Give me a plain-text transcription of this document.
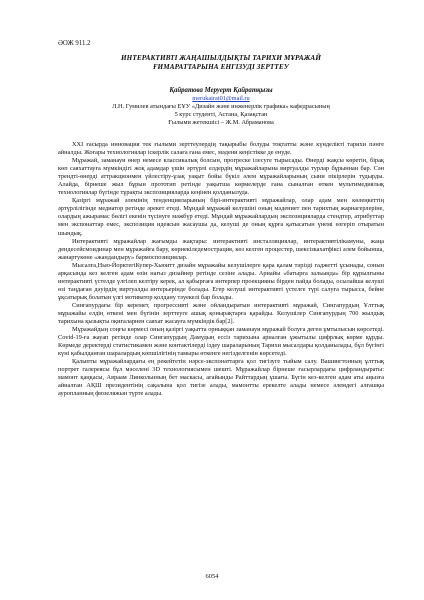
ӘОЖ 911.2
ИНТЕРАКТИВТІ ЖАҢАШЫЛДЫҚТЫ ТАРИХИ МҰРАЖАЙ
ҒИМАРАТТАРЫНА ЕНГІЗУДІ ЗЕРТТЕУ
Қайратова Меруерт Қайратқызы
merukairat01@mail.ru
Л.Н. Гумилев атындағы ЕҰУ «Дизайн және инженерлік графика» кафедрасының
5 курс студенті, Астана, Қазақстан
Ғылыми жетекшісі – Ж.М. Абраманова

XXI ғасырда инновация тек ғылыми зерттеулердің тақырыбы болуды тоқтатты және күнделікті тарихи пәнге айналды. Жоғары технологиялар іскерлік салаға ғана емес, мәдени кеңістікке де енуде.

Мұражай, заманауи өнер немесе классикалық болсын, прогреске ілесуге тырысады. Өнерді жақсы көретін, бірақ көп саяхаттауға мүмкіндігі жоқ адамдар үшін әртүрлі елдердің мұражайларына виртуалды турлар бұрыннан бар. Сән трендті-өнерді аттракционмен үйлестіру-ұзақ уақыт бойы бүкіл әлем мұражайларының сыни пікірлерін тудырды. Алайда, бірнеше жыл бұрын прототип ретінде уақытша көрмелерде ғана сыналған өткен мультимедиялық технологиялар бүгінде тұрақты экспозицияларда кеңінен қолданылуда.

Қазіргі мұражай әлемінің тенденцияларының бірі-интерактивті мұражайлар, олар адам мен көлеңкеттің әртүрлілігінде медиатор ретінде әрекет етеді. Мұндай мұражай келушіні оның мәдениет пен тарихтың жарнагерлеріне, олардың ажырамас бөлігі екенін түсінуге мәжбүр етеді. Мұндай мұражайлардың экспозицияларда стендтер, атрибуттар мен экспонаттар емес, экспозиция идеясын жасаушы да, келуші де оның құрға қатысатын үнемі өзгеріп отыратын шындық.

Интерактивті мұражайлар жағымды жақтары: интерактивті инсталляциялар, интерактивтілікамуны, жаңа дендесейсмоидинар мен мұражайға бару, көрнекіледемострация, көз келген процестер, шексізкахатфіксі әлем бойынша, жанартукөне «жандандыру» бармоспозициялар.

Мысалға,Нью-ЙорктегіКупер-Хьюитт дизайн мұражайы келушілерге қара қалам тәрізді гаджетті ұсынады, сонын арқасында кез келген адам өзін нағыз дизайнер ретінде сезіне алады. Арнайы «батырға зальында» бір құрылғыны интерактивті үстелде үлгілеп келтіру керек, ал қабырғаға интерпер проекцияны бірден пайда болады, осылайша келуші өзі таңдаған дәуірдің виртуалды интерьерінде болады. Егер келуші интерактивті үстелге түрі салуға тырысса, бейне ұқсатырық болатын үлгі мотиватор қолдану тәуекелі бар болады.

Сингапурдағы бір керемет, прогрессивті және ойландыратын интерактивті мұражай, Сингапурдың Ұлттық мұражайы елдің өткені мен бүгінін зерттеуге ашық қонырақтарға қарайды. Келушілер Сингапурдың 700 жылдық тарихына қызықты оқиғаларнен саяхат жасауға мүмкіндік бар[2].

Мұражайдың соңғы көрмесі оның қазіргі уақытта орныққан заманауи мұражай болуға деген ұмтылысын көрсетеді. Covid-19-ға жауап ретінде олар Сингапурдың Дамудың ессіз тарихына арналған ұжытылы цифрлық көрме құрды. Көрмеде деректерді статистикамен және контактілерді іздеу шараларының Тарихи мысалдары қолданылады, бұл бүгінгі күні қабылданған шаралардың көпшілігінің тамыры өткенге негізделгенін көрсетеді.

Қалыпты мұражайлардағы ең рекейтетін нәрсе-экспонаттарға қол тигізуге тыйым салу. Вашингтонның ұлттық портрет галереясы бұл мәселені 3D технологиясымен шешті. Мұражайлар бірнеше ғасырлардағы цифрландыраты: мамонт қаңқасы, Авраам Линкольнның бет маскасы, ағайынды Райттардың ұшағы. Бүгін кез-келген адам аты аңызға айналған АҚШ президентінің сақалына қол тигізе алады, мамонтты ерекелте алады немесе әлемдегі алғашқы ауропланның фюзеляжын түрте алады.

6054
